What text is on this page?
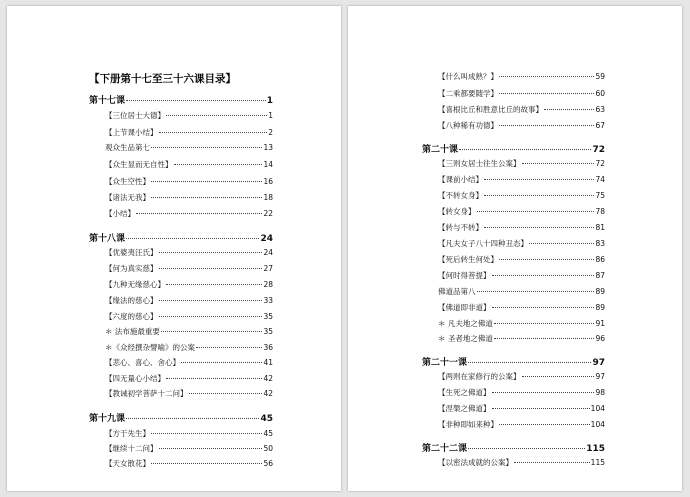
【下册第十七至三十六课目录】
第十七课	1
【三位居士大德】	1
【上节课小结】	2
观众生品第七	13
【众生显而无自性】	14
【众生空性】	16
【诸法无我】	18
【小结】	22
第十八课	24
【优婆夷汪氏】	24
【何为真实慈】	27
【九种无缘慈心】	28
【缘法的慈心】	33
【六度的慈心】	35
＊ 法布施最重要	35
＊《众经撰杂譬喻》的公案	36
【悲心、喜心、舍心】	41
【四无量心小结】	42
【教诫初学菩萨十二问】	42
第十九课	45
【方于先生】	45
【继续十二问】	50
【天女散花】	56
【什么叫成熟？】	59
【二乘都要随学】	60
【喜根比丘和胜意比丘的故事】	63
【八种稀有功德】	67
第二十课	72
【三则女居士往生公案】	72
【课前小结】	74
【不转女身】	75
【转女身】	78
【转与不转】	81
【凡夫女子八十四种丑态】	83
【死后转生何处】	86
【何时得菩提】	87
佛道品第八	89
【佛道即非道】	89
＊ 凡夫地之佛道	91
＊ 圣者地之佛道	96
第二十一课	97
【两则在家修行的公案】	97
【生死之佛道】	98
【涅槃之佛道】	104
【非种即如来种】	104
第二十二课	115
【以密法成就的公案】	115
